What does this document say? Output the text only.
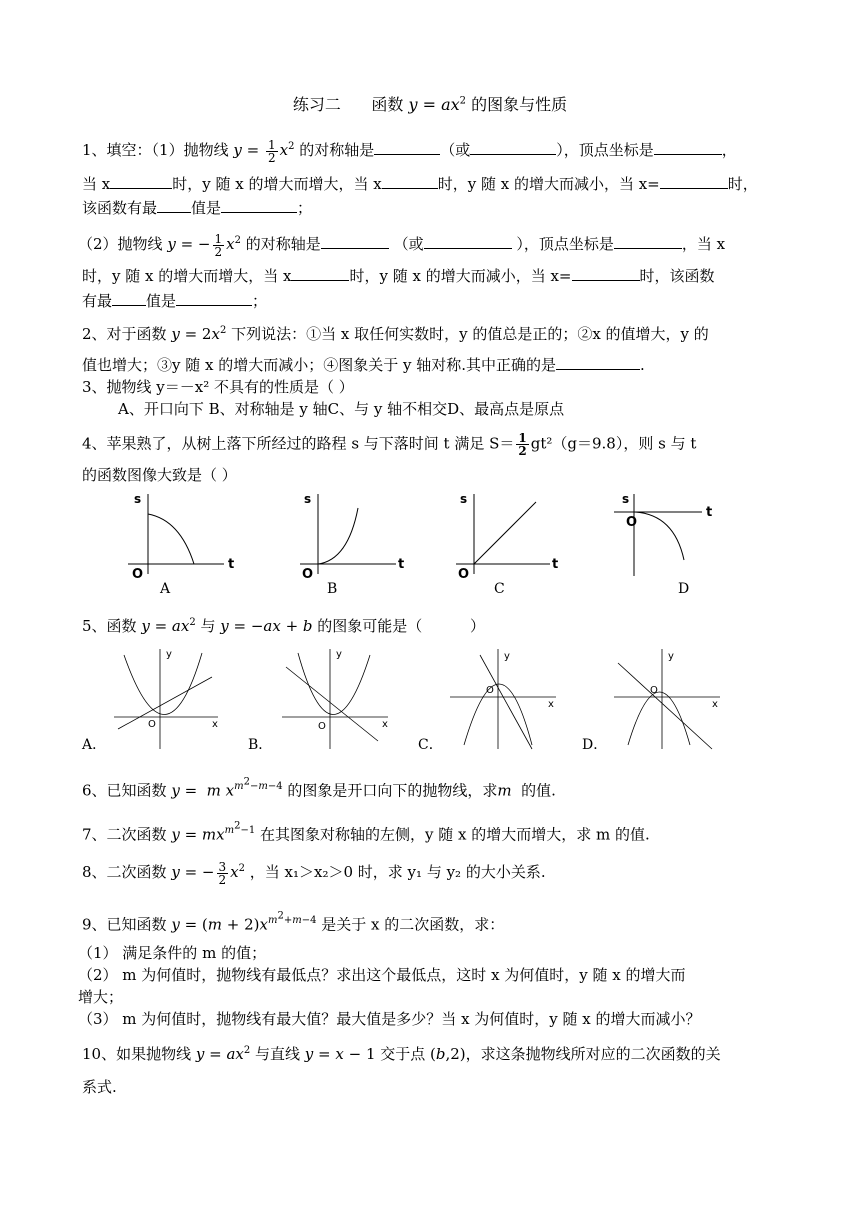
练习二      函数 $y = ax^2$ 的图象与性质
1、填空：（1）抛物线 $y = \frac{1}{2} x^2$ 的对称轴是	（或	），顶点坐标是	，
当 x	时，y 随 x 的增大而增大，当 x	时，y 随 x 的增大而减小，当 x=	时，
该函数有最 值是	；
（2）抛物线 y = − $\frac{1}{2} x^2$ 的对称轴是	（或	），顶点坐标是	，当 x
时，y 随 x 的增大而增大，当 x	时，y 随 x 的增大而减小，当 x=	时，该函数
有最 值是	；
2、对于函数 $y = 2x^2$ 下列说法：①当 x 取任何实数时，y 的值总是正的；②x 的值增大，y 的
值也增大；③y 随 x 的增大而减小；④图象关于 y 轴对称.其中正确的是	.
3、抛物线 y＝－x² 不具有的性质是（ ）
A、开口向下 B、对称轴是 y 轴C、与 y 轴不相交D、最高点是原点
4、苹果熟了，从树上落下所经过的路程 s 与下落时间 t 满足 $S= \frac{1}{2} gt^2(g=9.8)$，则 s 与 t
的函数图像大致是（ ）
s
t
O
s
t
O
s
t
O
s
t
O
A	B	C	D
5、函数 $y = ax^2$ 与 y = −ax + b 的图象可能是（          ）
y
x
O
y
x
O
y
x
O
y
x
O
A．	B．	C．	D．
6、已知函数 y =  m $x^{m^2-m-4}$ 的图象是开口向下的抛物线，求m  的值.
7、二次函数 $y = mx^{m^2-1}$ 在其图象对称轴的左侧，y 随 x 的增大而增大，求 m 的值.
8、二次函数 y = − $\frac{3}{2} x^2$ ，当 x₁＞x₂＞0 时，求 y₁ 与 y₂ 的大小关系.
9、已知函数 $y = (m + 2)x^{m^2+m-4}$ 是关于 x 的二次函数，求：
（1） 满足条件的 m 的值；
（2） m 为何值时，抛物线有最低点？求出这个最低点，这时 x 为何值时，y 随 x 的增大而
增大；
（3） m 为何值时，抛物线有最大值？最大值是多少？当 x 为何值时，y 随 x 的增大而减小？
10、如果抛物线 $y = ax^2$ 与直线 y = x − 1 交于点 (b,2)，求这条抛物线所对应的二次函数的关
系式.
